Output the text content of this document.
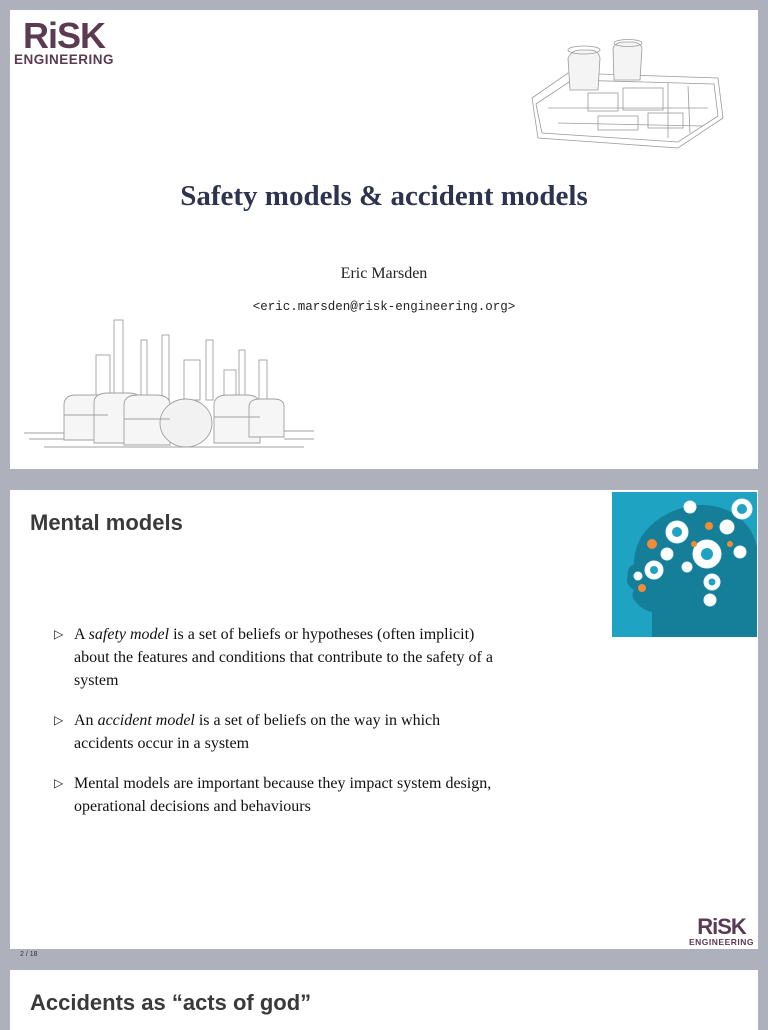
RiSK
ENGINEERING
Safety models & accident models
Eric Marsden
<eric.marsden@risk-engineering.org>
Mental models
▷ A safety model is a set of beliefs or hypotheses (often implicit) about the features and conditions that contribute to the safety of a system
▷ An accident model is a set of beliefs on the way in which accidents occur in a system
▷ Mental models are important because they impact system design, operational decisions and behaviours
RiSK
ENGINEERING
2 / 18
Accidents as “acts of god”
